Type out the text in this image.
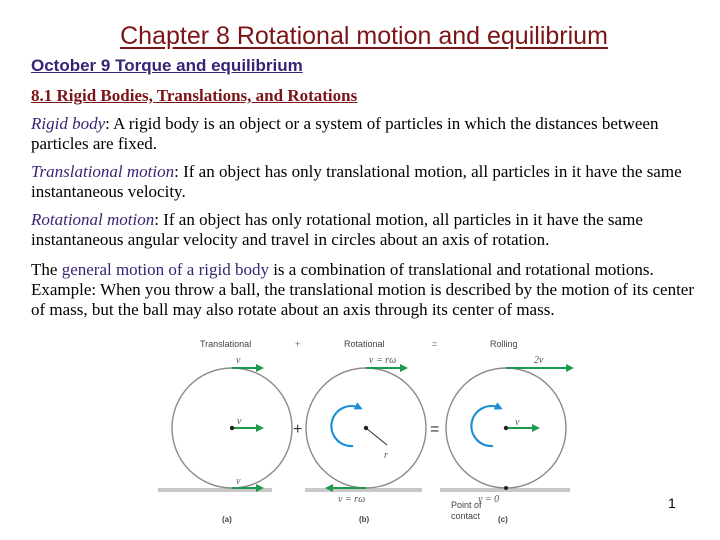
Chapter 8 Rotational motion and equilibrium
October 9 Torque and equilibrium
8.1 Rigid Bodies, Translations, and Rotations

Rigid body: A rigid body is an object or a system of particles in which the distances between particles are fixed.

Translational motion: If an object has only translational motion, all particles in it have the same instantaneous velocity.

Rotational motion: If an object has only rotational motion, all particles in it have the same instantaneous angular velocity and travel in circles about an axis of rotation.

The general motion of a rigid body is a combination of translational and rotational motions. Example: When you throw a ball, the translational motion is described by the motion of its center of mass, but the ball may also rotate about an axis through its center of mass.

Translational	+	Rotational	=	Rolling
v
v
v
+
v = rω
r
v = rω
=
2v
v
v = 0
Point of
contact
(a)	(b)	(c)
1
